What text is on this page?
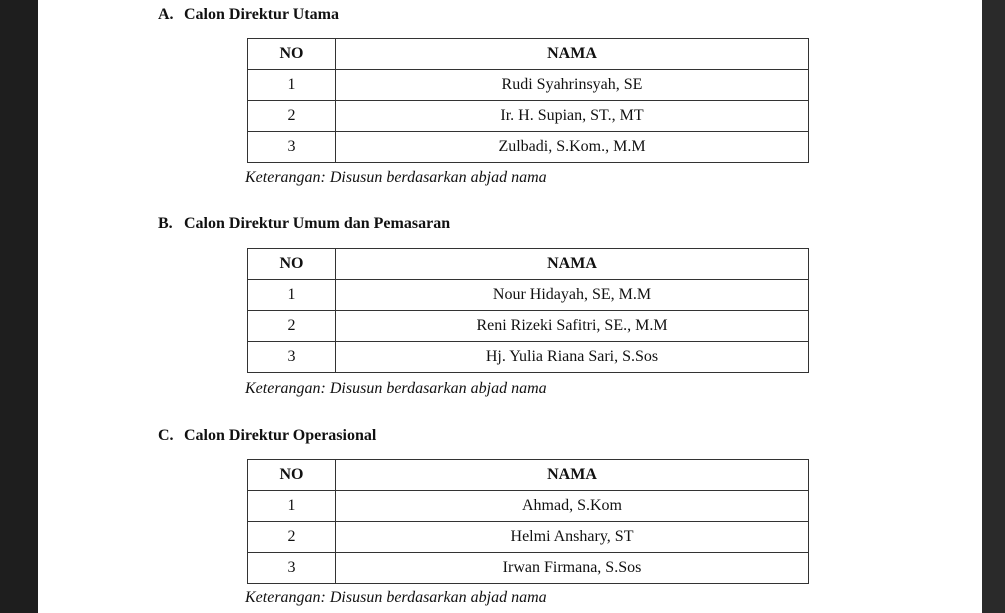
A. Calon Direktur Utama
NO	NAMA
1	Rudi Syahrinsyah, SE
2	Ir. H. Supian, ST., MT
3	Zulbadi, S.Kom., M.M
Keterangan: Disusun berdasarkan abjad nama
B. Calon Direktur Umum dan Pemasaran
NO	NAMA
1	Nour Hidayah, SE, M.M
2	Reni Rizeki Safitri, SE., M.M
3	Hj. Yulia Riana Sari, S.Sos
Keterangan: Disusun berdasarkan abjad nama
C. Calon Direktur Operasional
NO	NAMA
1	Ahmad, S.Kom
2	Helmi Anshary, ST
3	Irwan Firmana, S.Sos
Keterangan: Disusun berdasarkan abjad nama
